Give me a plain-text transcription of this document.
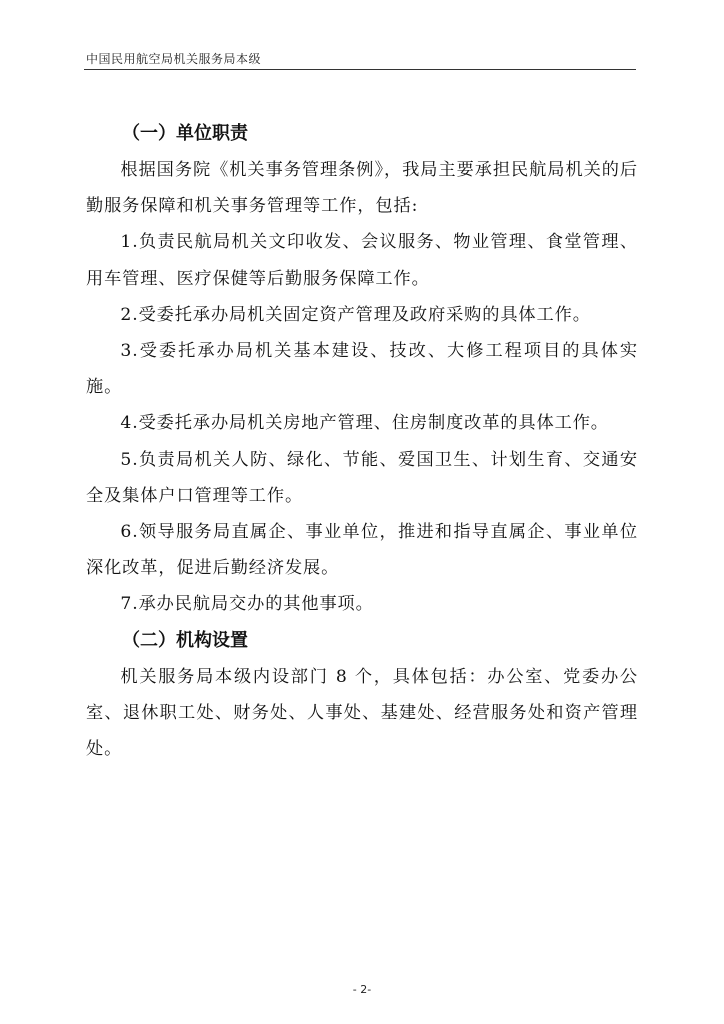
中国民用航空局机关服务局本级
（一）单位职责

根据国务院《机关事务管理条例》，我局主要承担民航局机关的后勤服务保障和机关事务管理等工作，包括:

1.负责民航局机关文印收发、会议服务、物业管理、食堂管理、用车管理、医疗保健等后勤服务保障工作。

2.受委托承办局机关固定资产管理及政府采购的具体工作。

3.受委托承办局机关基本建设、技改、大修工程项目的具体实施。

4.受委托承办局机关房地产管理、住房制度改革的具体工作。

5.负责局机关人防、绿化、节能、爱国卫生、计划生育、交通安全及集体户口管理等工作。

6.领导服务局直属企、事业单位，推进和指导直属企、事业单位深化改革，促进后勤经济发展。

7.承办民航局交办的其他事项。

（二）机构设置

机关服务局本级内设部门 8 个，具体包括：办公室、党委办公室、退休职工处、财务处、人事处、基建处、经营服务处和资产管理处。

- 2-
